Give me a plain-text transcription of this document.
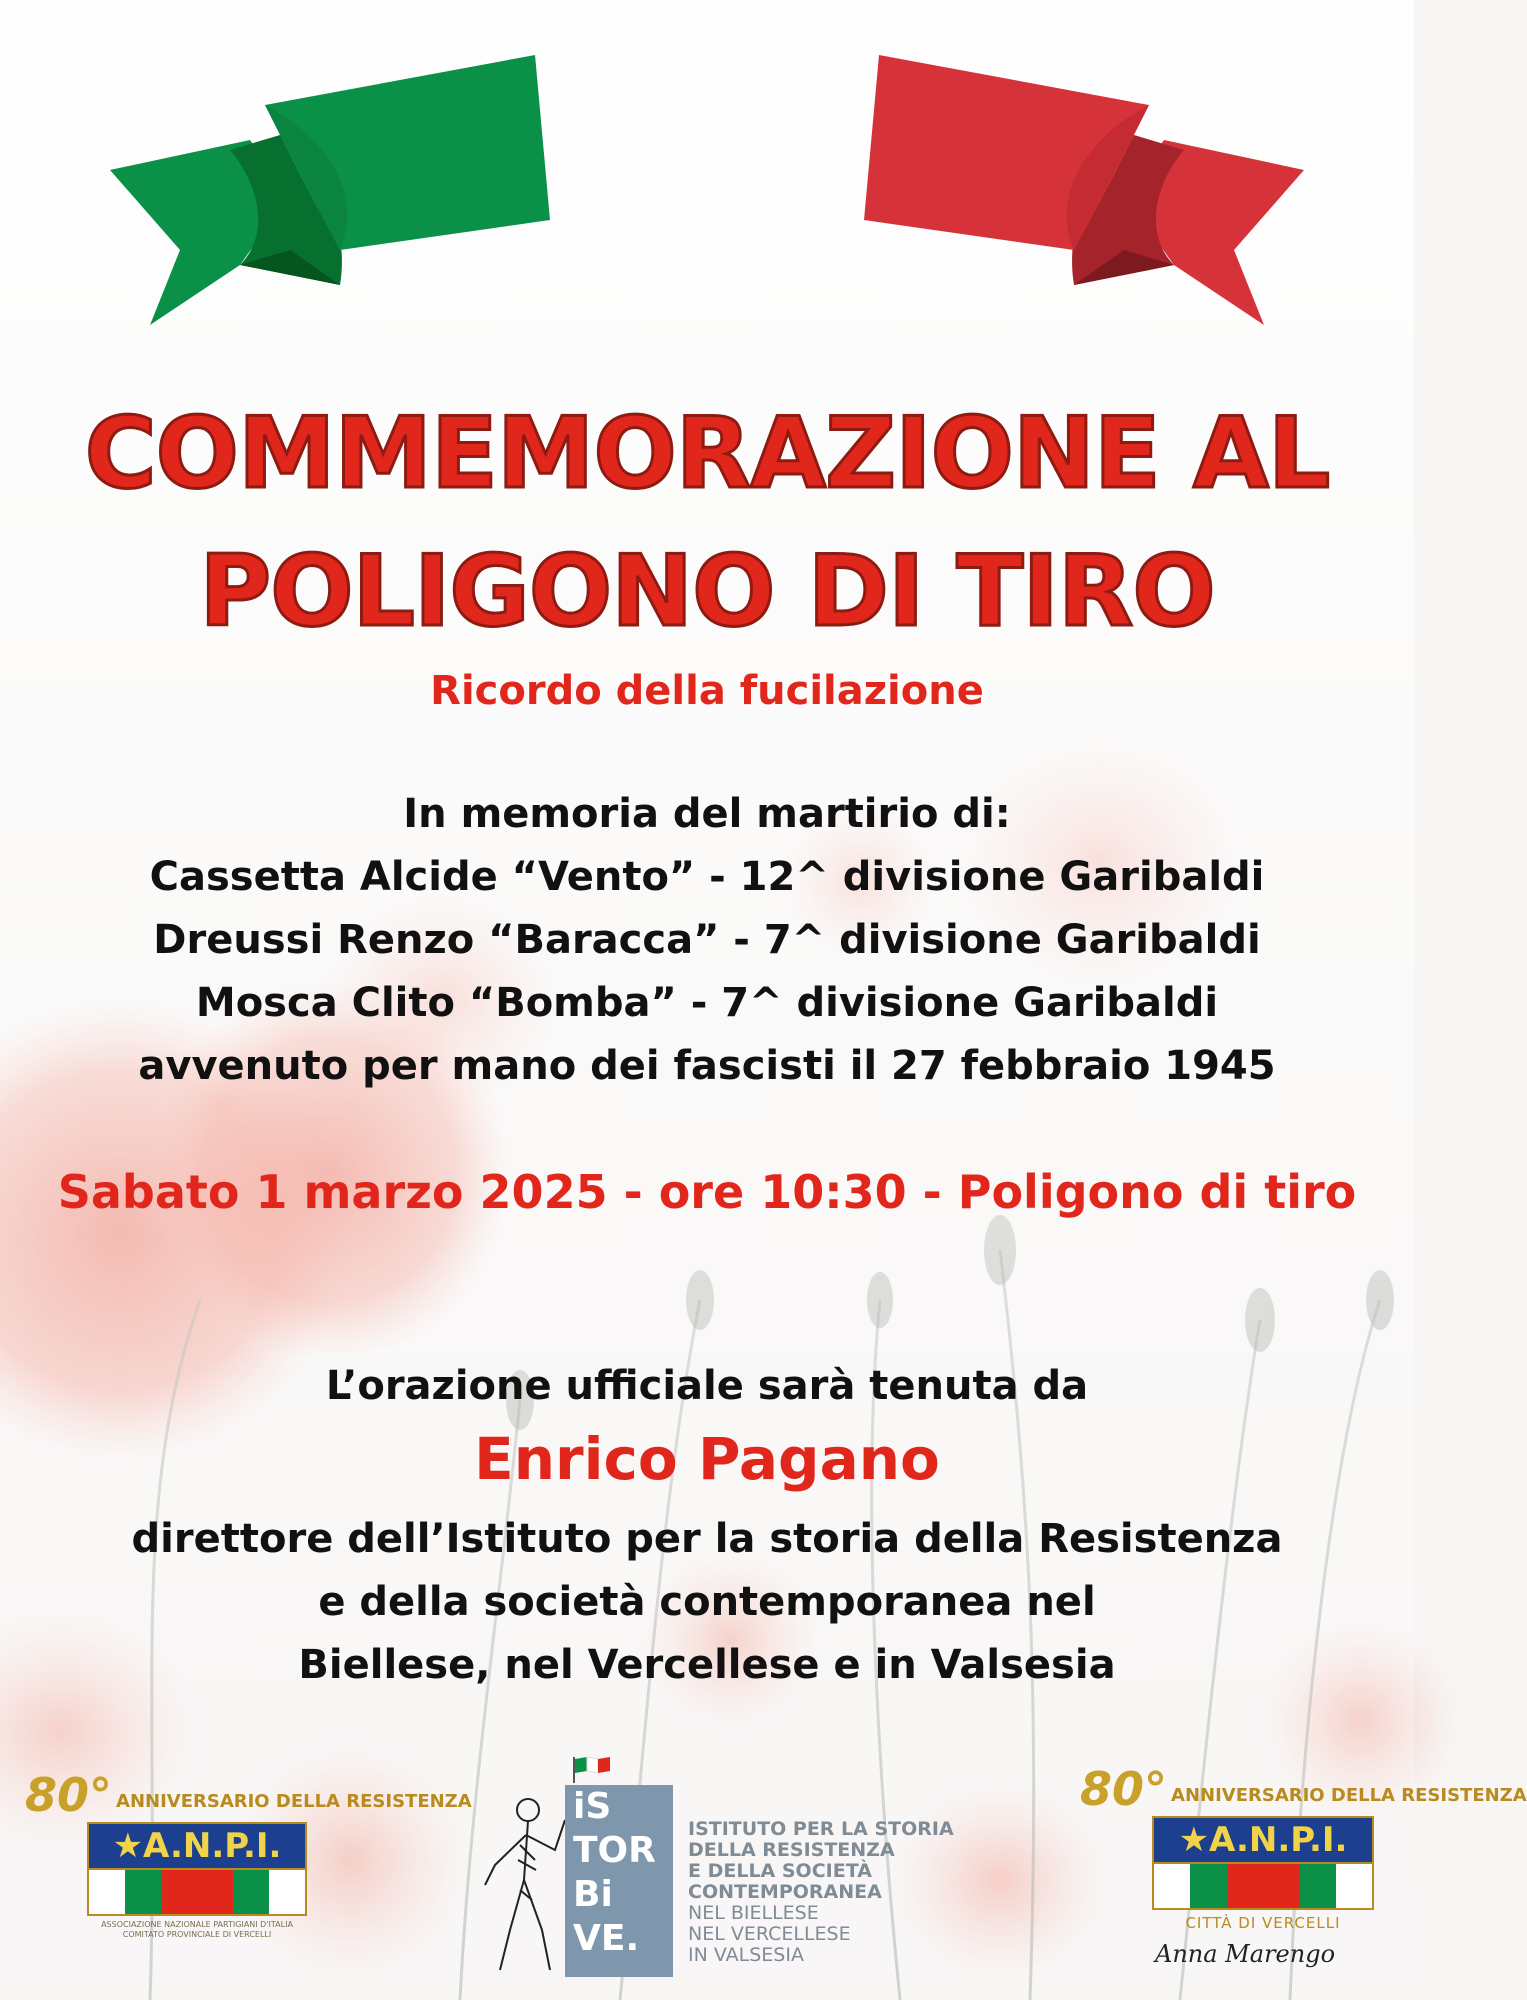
COMMEMORAZIONE AL
POLIGONO DI TIRO
Ricordo della fucilazione
In memoria del martirio di:
Cassetta Alcide “Vento” - 12^ divisione Garibaldi
Dreussi Renzo “Baracca” - 7^ divisione Garibaldi
Mosca Clito “Bomba” - 7^ divisione Garibaldi
avvenuto per mano dei fascisti il 27 febbraio 1945
Sabato 1 marzo 2025 - ore 10:30 - Poligono di tiro
L’orazione ufficiale sarà tenuta da
Enrico Pagano
direttore dell’Istituto per la storia della Resistenza
e della società contemporanea nel
Biellese, nel Vercellese e in Valsesia
80° ANNIVERSARIO DELLA RESISTENZA
★A.N.P.I.
ASSOCIAZIONE NAZIONALE PARTIGIANI D'ITALIA
COMITATO PROVINCIALE DI VERCELLI
iS
TOR
Bi
VE.
ISTITUTO PER LA STORIA
DELLA RESISTENZA
E DELLA SOCIETÀ
CONTEMPORANEA
NEL BIELLESE
NEL VERCELLESE
IN VALSESIA
80° ANNIVERSARIO DELLA RESISTENZA
★A.N.P.I.
CITTÀ DI VERCELLI
Anna Marengo
